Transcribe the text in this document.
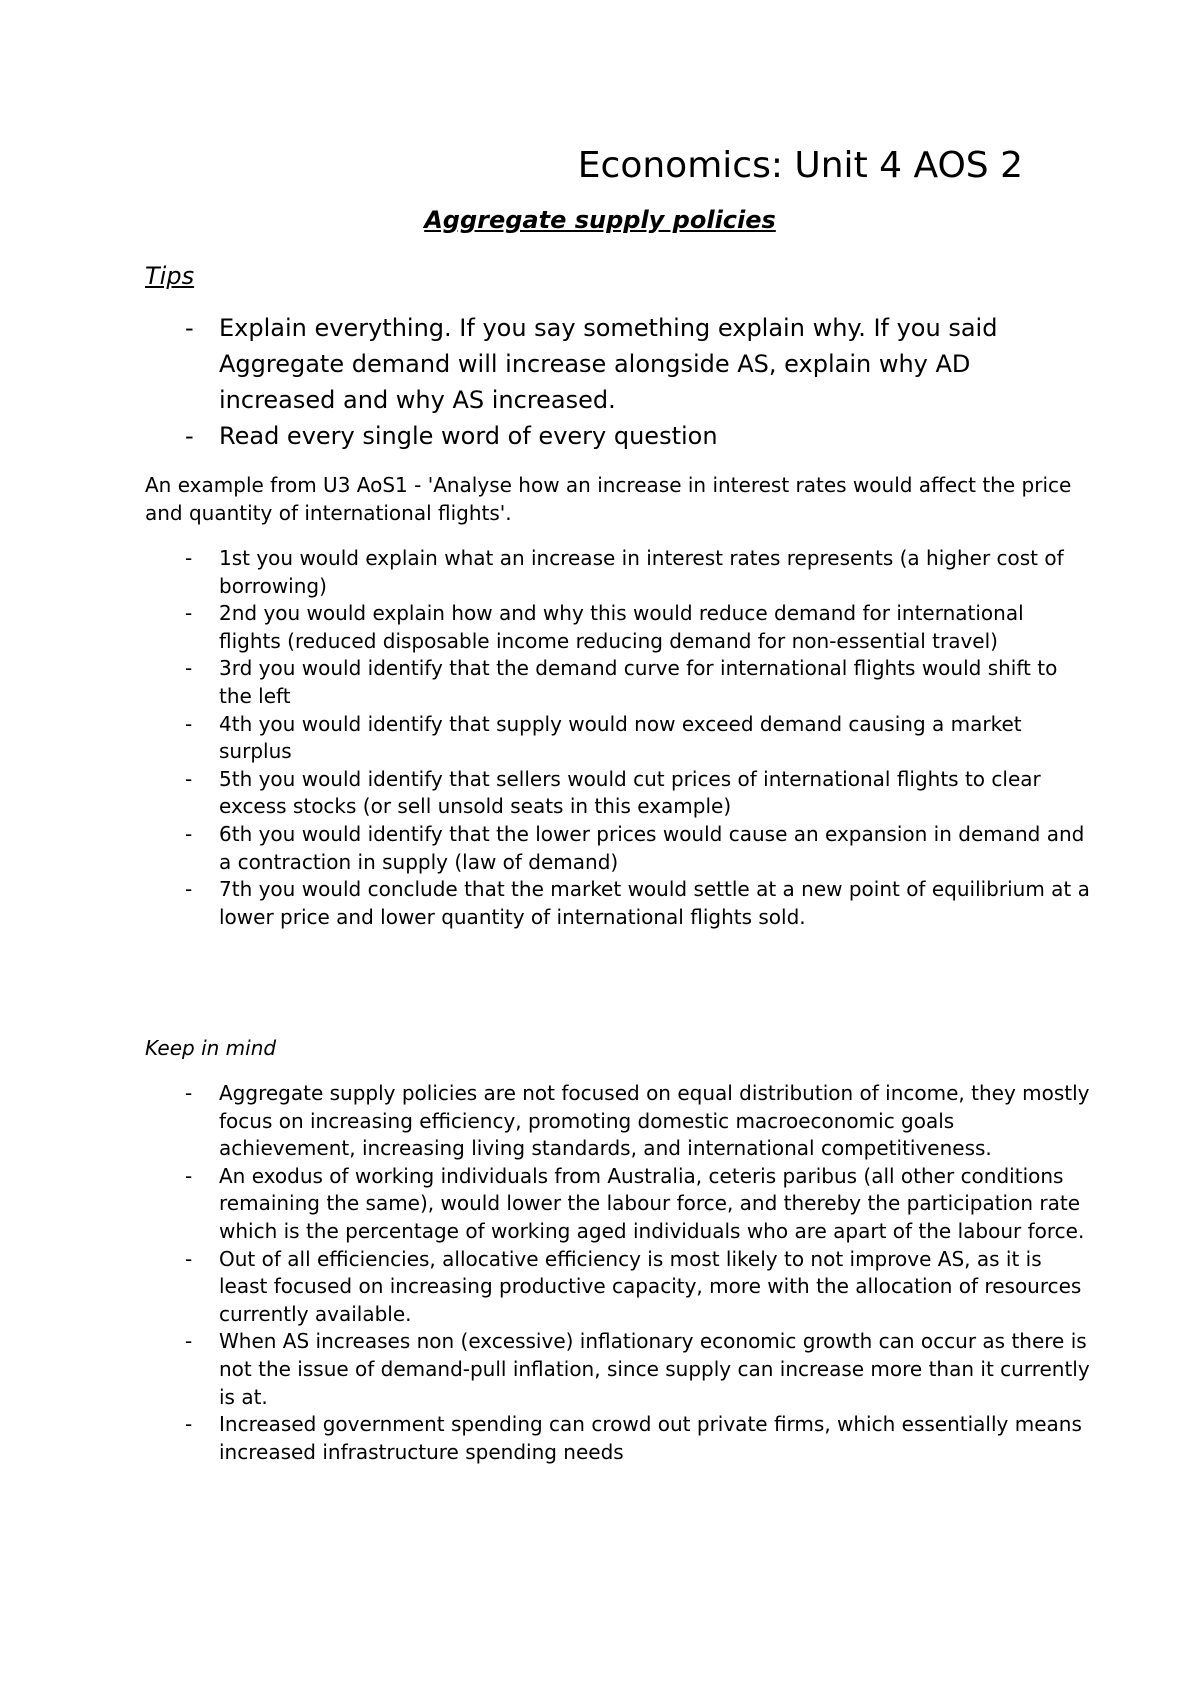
Economics: Unit 4 AOS 2
Aggregate supply policies
Tips
- Explain everything. If you say something explain why. If you said Aggregate demand will increase alongside AS, explain why AD increased and why AS increased.
- Read every single word of every question

An example from U3 AoS1 - 'Analyse how an increase in interest rates would affect the price and quantity of international flights'.

- 1st you would explain what an increase in interest rates represents (a higher cost of borrowing)
- 2nd you would explain how and why this would reduce demand for international flights (reduced disposable income reducing demand for non-essential travel)
- 3rd you would identify that the demand curve for international flights would shift to the left
- 4th you would identify that supply would now exceed demand causing a market surplus
- 5th you would identify that sellers would cut prices of international flights to clear excess stocks (or sell unsold seats in this example)
- 6th you would identify that the lower prices would cause an expansion in demand and a contraction in supply (law of demand)
- 7th you would conclude that the market would settle at a new point of equilibrium at a lower price and lower quantity of international flights sold.
Keep in mind
- Aggregate supply policies are not focused on equal distribution of income, they mostly focus on increasing efficiency, promoting domestic macroeconomic goals achievement, increasing living standards, and international competitiveness.
- An exodus of working individuals from Australia, ceteris paribus (all other conditions remaining the same), would lower the labour force, and thereby the participation rate which is the percentage of working aged individuals who are apart of the labour force.
- Out of all efficiencies, allocative efficiency is most likely to not improve AS, as it is least focused on increasing productive capacity, more with the allocation of resources currently available.
- When AS increases non (excessive) inflationary economic growth can occur as there is not the issue of demand-pull inflation, since supply can increase more than it currently is at.
- Increased government spending can crowd out private firms, which essentially means increased infrastructure spending needs
